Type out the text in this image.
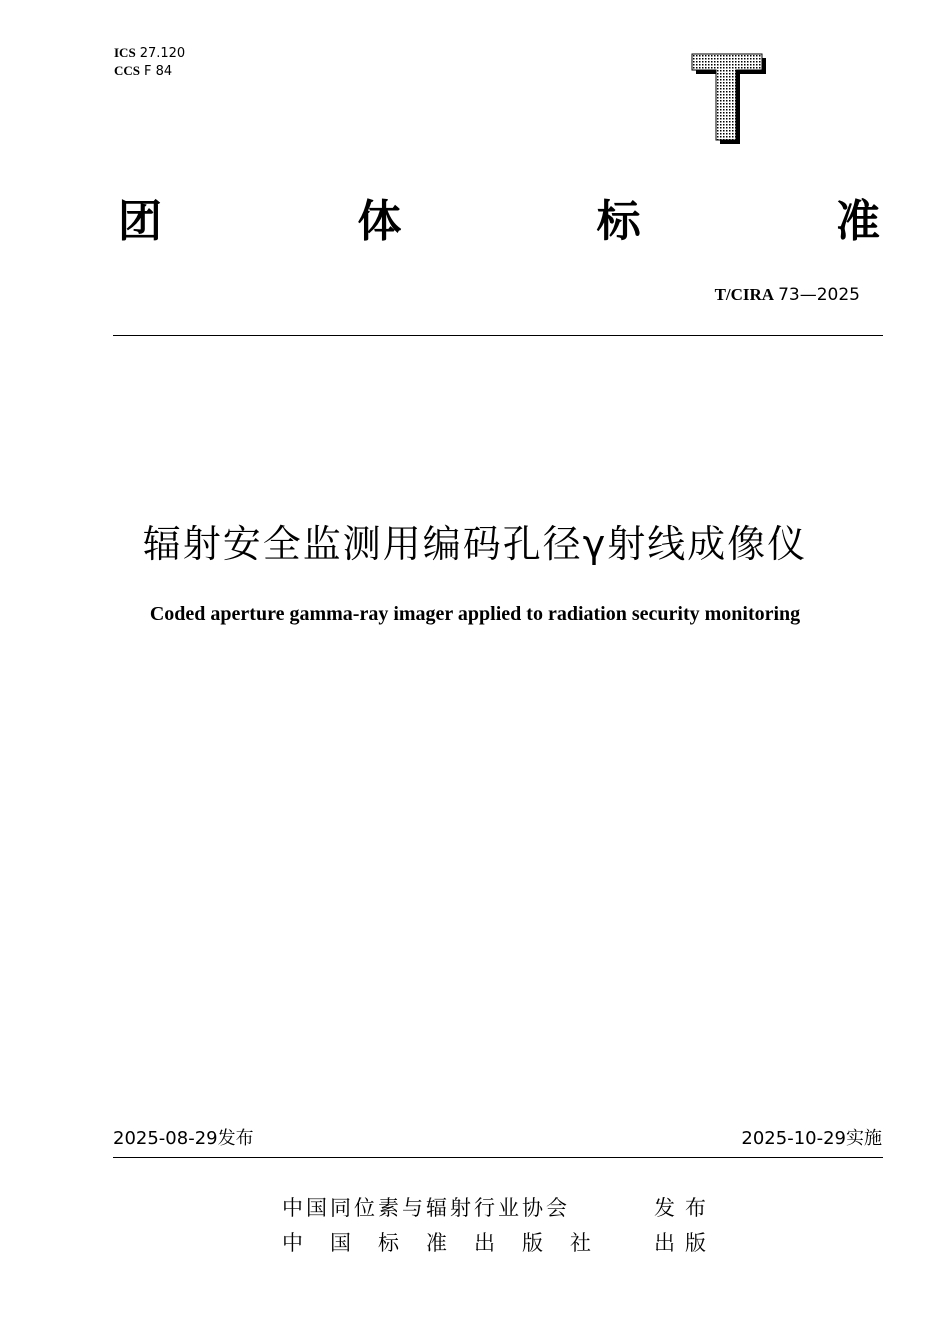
ICS 27.120
CCS F 84
团	体	标	准
T/CIRA 73—2025
辐射安全监测用编码孔径γ射线成像仪
Coded aperture gamma-ray imager applied to radiation security monitoring
2025-08-29发布	2025-10-29实施
中国同位素与辐射行业协会	发布
中国标准出版社 出版
